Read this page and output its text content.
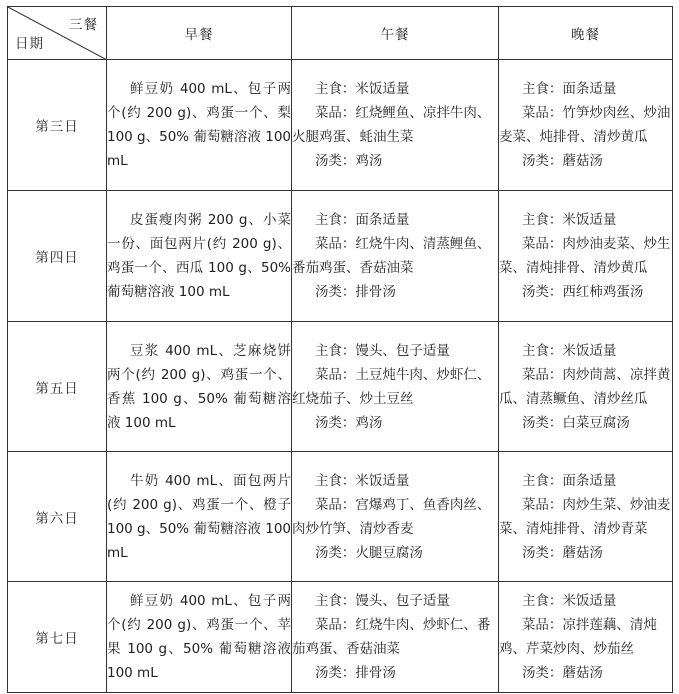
三餐
日期	早餐	午餐	晚餐
第三日	鲜豆奶 400 mL、包子两个(约 200 g)、鸡蛋一个、梨 100 g、50% 葡萄糖溶液 100 mL	主食：米饭适量
菜品：红烧鲤鱼、凉拌牛肉、火腿鸡蛋、蚝油生菜
汤类：鸡汤	主食：面条适量
菜品：竹笋炒肉丝、炒油麦菜、炖排骨、清炒黄瓜
汤类：蘑菇汤

第四日	皮蛋瘦肉粥 200 g、小菜一份、面包两片(约 200 g)、鸡蛋一个、西瓜 100 g、50% 葡萄糖溶液 100 mL	主食：面条适量
菜品：红烧牛肉、清蒸鲤鱼、番茄鸡蛋、香菇油菜
汤类：排骨汤	主食：米饭适量
菜品：肉炒油麦菜、炒生菜、清炖排骨、清炒黄瓜
汤类：西红柿鸡蛋汤

第五日	豆浆 400 mL、芝麻烧饼两个(约 200 g)、鸡蛋一个、香蕉 100 g、50% 葡萄糖溶液 100 mL	主食：馒头、包子适量
菜品：土豆炖牛肉、炒虾仁、红烧茄子、炒土豆丝
汤类：鸡汤	主食：米饭适量
菜品：肉炒茼蒿、凉拌黄瓜、清蒸鳜鱼、清炒丝瓜
汤类：白菜豆腐汤

第六日	牛奶 400 mL、面包两片(约 200 g)、鸡蛋一个、橙子 100 g、50% 葡萄糖溶液 100 mL	主食：米饭适量
菜品：宫爆鸡丁、鱼香肉丝、肉炒竹笋、清炒香麦
汤类：火腿豆腐汤	主食：面条适量
菜品：肉炒生菜、炒油麦菜、清炖排骨、清炒青菜
汤类：蘑菇汤

第七日	鲜豆奶 400 mL、包子两个(约 200 g)、鸡蛋一个、苹果 100 g、50% 葡萄糖溶液 100 mL	主食：馒头、包子适量
菜品：红烧牛肉、炒虾仁、番茄鸡蛋、香菇油菜
汤类：排骨汤	主食：米饭适量
菜品：凉拌莲藕、清炖鸡、芹菜炒肉、炒茄丝
汤类：蘑菇汤
